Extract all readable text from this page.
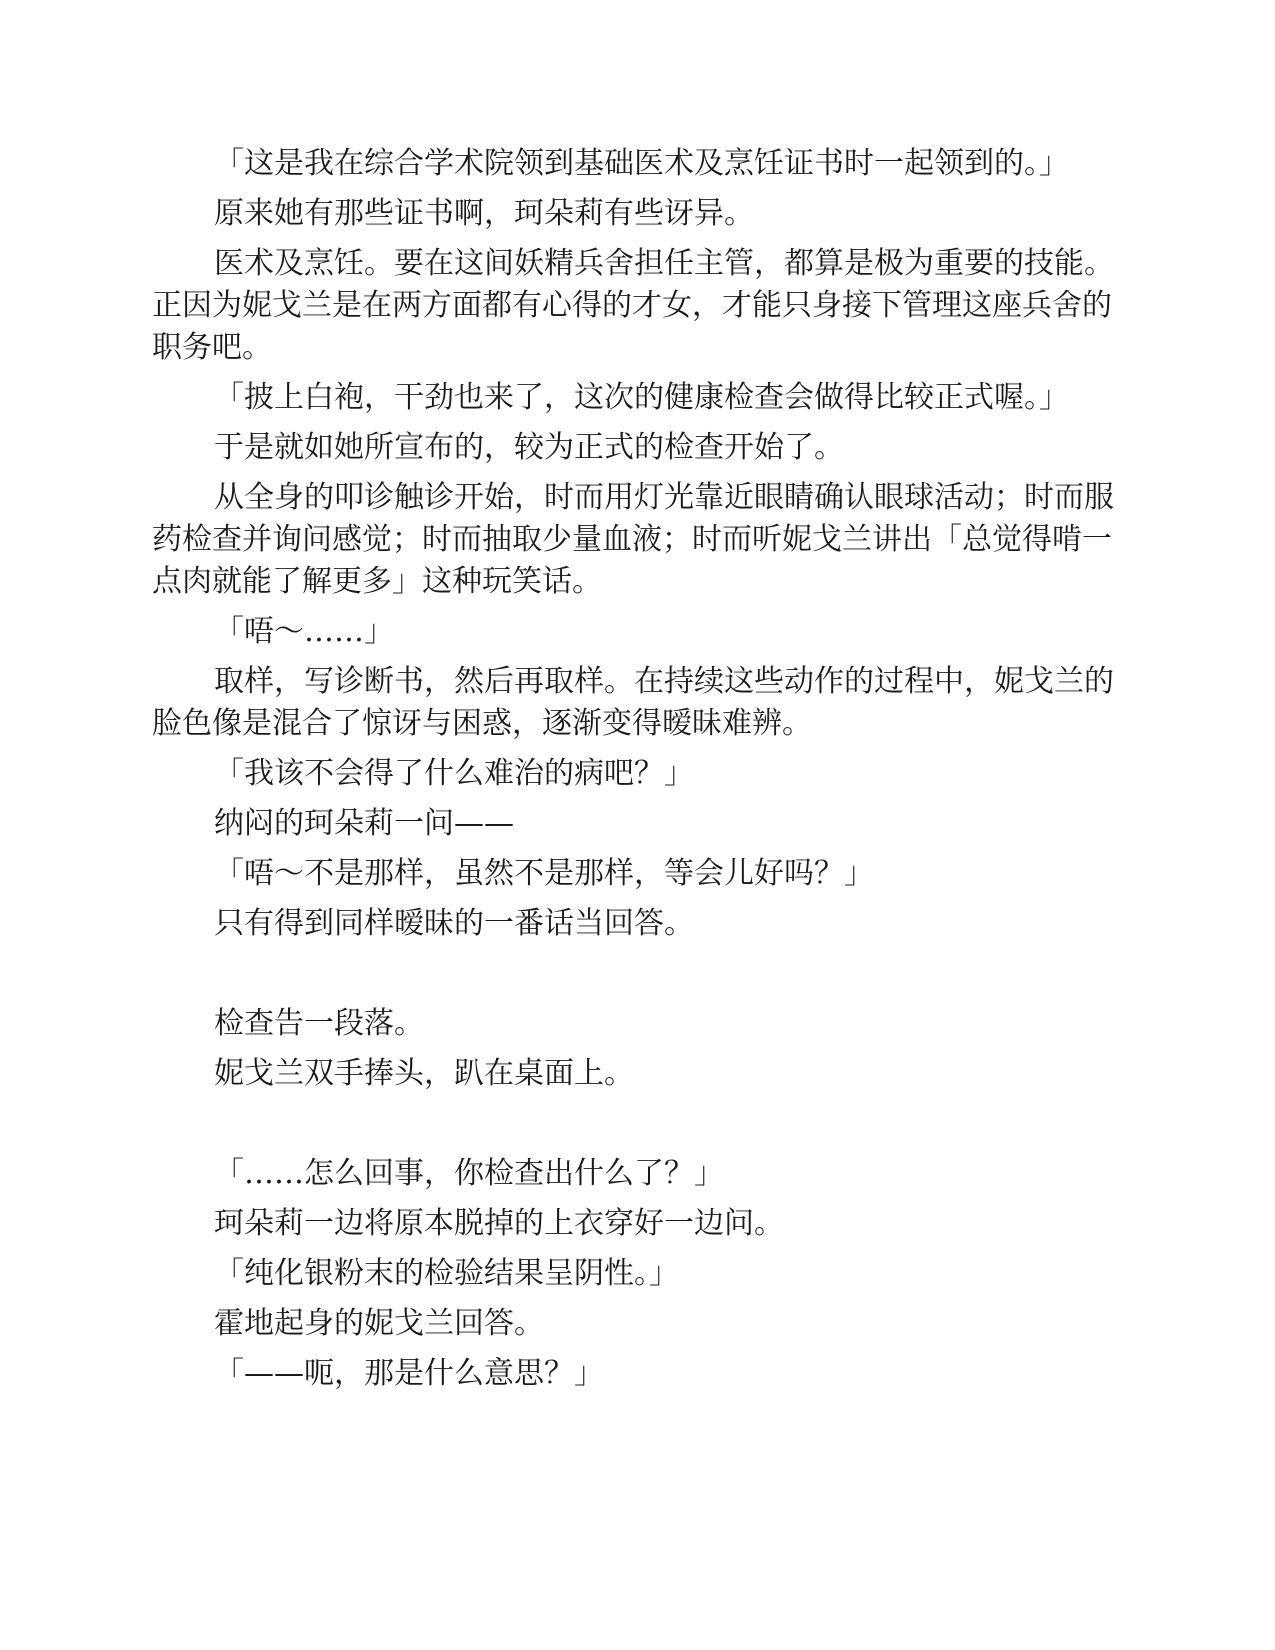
「这是我在综合学术院领到基础医术及烹饪证书时一起领到的。」

原来她有那些证书啊，珂朵莉有些讶异。

医术及烹饪。要在这间妖精兵舍担任主管，都算是极为重要的技能。正因为妮戈兰是在两方面都有心得的才女，才能只身接下管理这座兵舍的职务吧。

「披上白袍，干劲也来了，这次的健康检查会做得比较正式喔。」

于是就如她所宣布的，较为正式的检查开始了。

从全身的叩诊触诊开始，时而用灯光靠近眼睛确认眼球活动；时而服药检查并询问感觉；时而抽取少量血液；时而听妮戈兰讲出「总觉得啃一点肉就能了解更多」这种玩笑话。

「唔～……」

取样，写诊断书，然后再取样。在持续这些动作的过程中，妮戈兰的脸色像是混合了惊讶与困惑，逐渐变得暧昧难辨。

「我该不会得了什么难治的病吧？」

纳闷的珂朵莉一问——

「唔～不是那样，虽然不是那样，等会儿好吗？」

只有得到同样暧昧的一番话当回答。

检查告一段落。

妮戈兰双手捧头，趴在桌面上。

「……怎么回事，你检查出什么了？」

珂朵莉一边将原本脱掉的上衣穿好一边问。

「纯化银粉末的检验结果呈阴性。」

霍地起身的妮戈兰回答。

「——呃，那是什么意思？」
